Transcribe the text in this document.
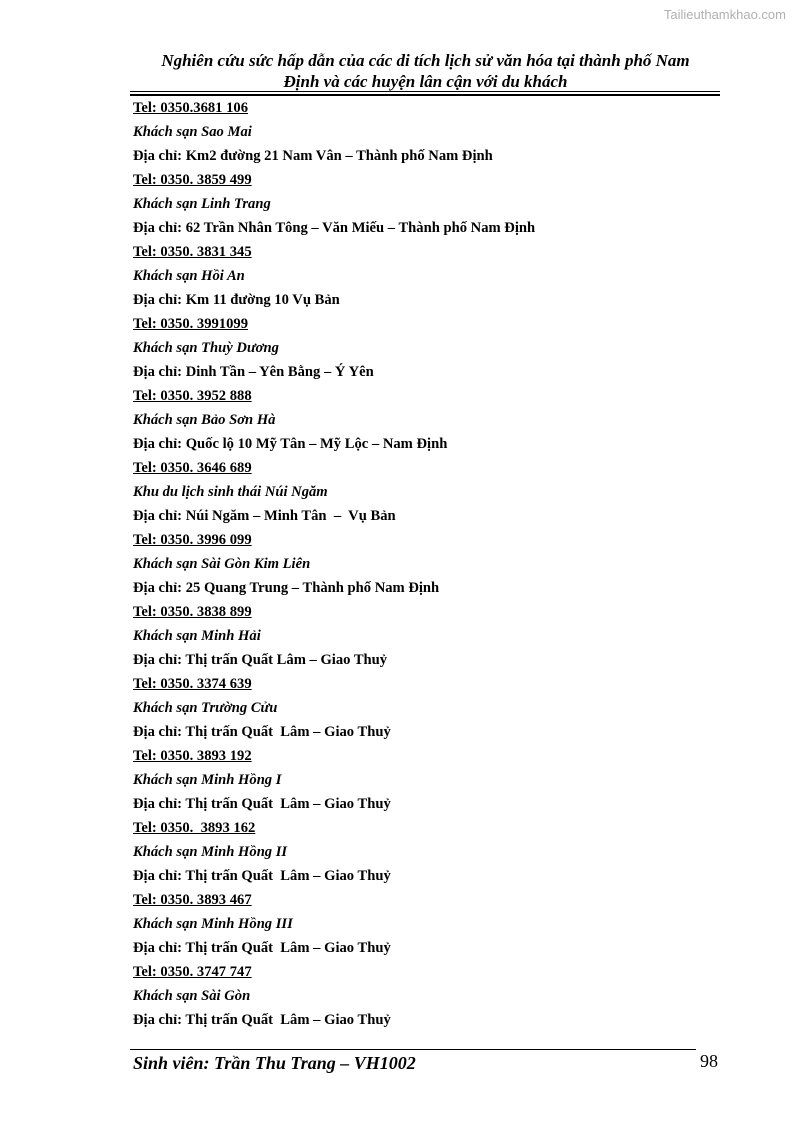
Tailieuthamkhao.com
Nghiên cứu sức hấp dẫn của các di tích lịch sử văn hóa tại thành phố Nam
Định và các huyện lân cận với du khách
Tel: 0350.3681 106
Khách sạn Sao Mai
Địa chỉ: Km2 đường 21 Nam Vân – Thành phố Nam Định
Tel: 0350. 3859 499
Khách sạn Linh Trang
Địa chỉ: 62 Trần Nhân Tông – Văn Miếu – Thành phố Nam Định
Tel: 0350. 3831 345
Khách sạn Hồi An
Địa chỉ: Km 11 đường 10 Vụ Bản
Tel: 0350. 3991099
Khách sạn Thuỳ Dương
Địa chỉ: Dinh Tần – Yên Bằng – Ý Yên
Tel: 0350. 3952 888
Khách sạn Bảo Sơn Hà
Địa chỉ: Quốc lộ 10 Mỹ Tân – Mỹ Lộc – Nam Định
Tel: 0350. 3646 689
Khu du lịch sinh thái Núi Ngăm
Địa chỉ: Núi Ngăm – Minh Tân  –  Vụ Bản
Tel: 0350. 3996 099
Khách sạn Sài Gòn Kim Liên
Địa chỉ: 25 Quang Trung – Thành phố Nam Định
Tel: 0350. 3838 899
Khách sạn Minh Hải
Địa chỉ: Thị trấn Quất Lâm – Giao Thuỷ
Tel: 0350. 3374 639
Khách sạn Trường Cửu
Địa chỉ: Thị trấn Quất  Lâm – Giao Thuỷ
Tel: 0350. 3893 192
Khách sạn Minh Hồng I
Địa chỉ: Thị trấn Quất  Lâm – Giao Thuỷ
Tel: 0350.  3893 162
Khách sạn Minh Hồng II
Địa chỉ: Thị trấn Quất  Lâm – Giao Thuỷ
Tel: 0350. 3893 467
Khách sạn Minh Hồng III
Địa chỉ: Thị trấn Quất  Lâm – Giao Thuỷ
Tel: 0350. 3747 747
Khách sạn Sài Gòn
Địa chỉ: Thị trấn Quất  Lâm – Giao Thuỷ
Sinh viên: Trần Thu Trang – VH1002	98
